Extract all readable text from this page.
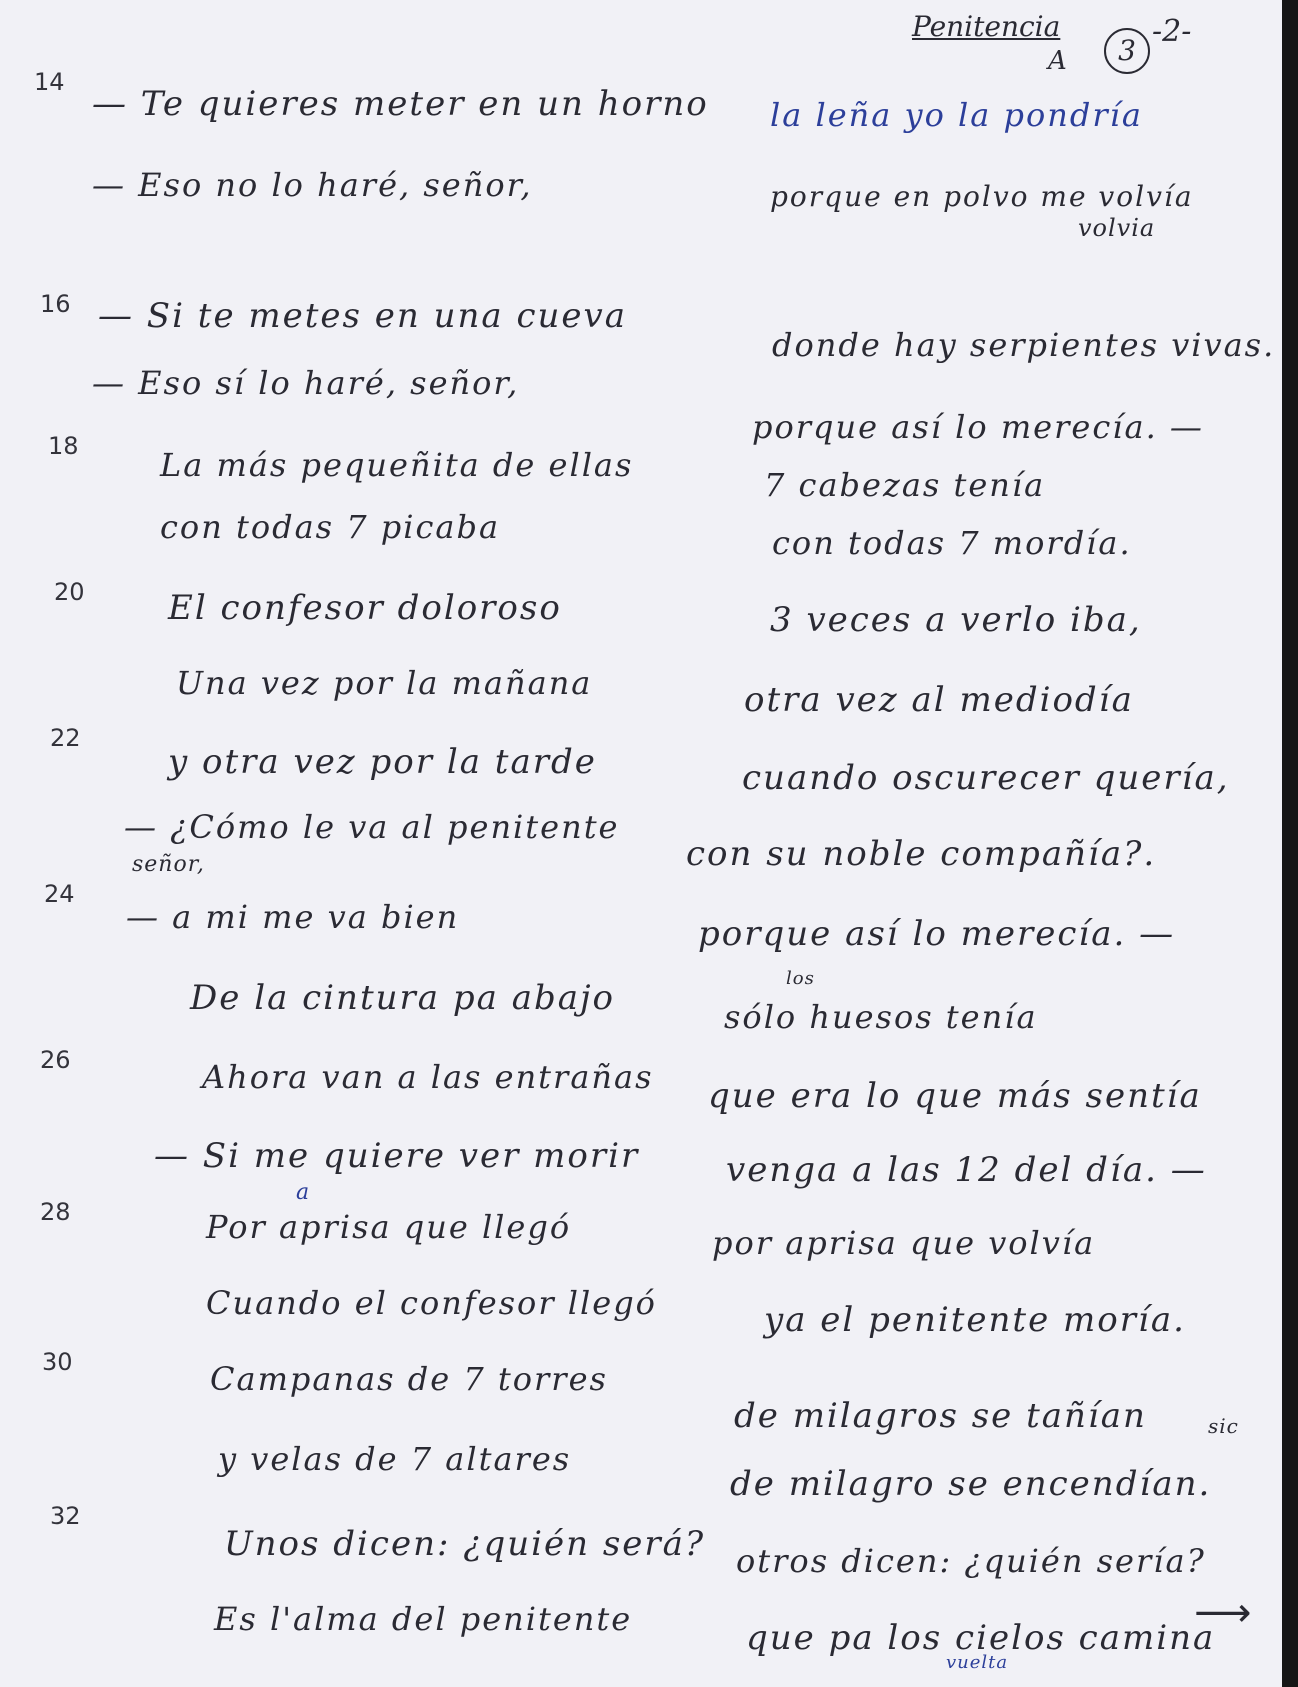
Penitencia
A	3
-2-
14
— Te quieres meter en un horno la leña yo la pondría
— Eso no lo haré, señor,	porque en polvo me volvía
volvia
16 — Si te metes en una cueva
donde hay serpientes vivas.
— Eso sí lo haré, señor,
porque así lo merecía. —
18	La más pequeñita de ellas
7 cabezas tenía
con todas 7 picaba	con todas 7 mordía.
20 El confesor doloroso	3 veces a verlo iba,
Una vez por la mañana	otra vez al mediodía
22
y otra vez por la tarde	cuando oscurecer quería,
— ¿Cómo le va al penitente
señor,	con su noble compañía?.
24
— a mi me va bien	porque así lo merecía. —
De la cintura pa abajo	sólo huesos tenía
los
26	Ahora van a las entrañas que era lo que más sentía
— Si me quiere ver morir	venga a las 12 del día. —
28	Por aprisa que llegó
a
por aprisa que volvía
Cuando el confesor llegó	ya el penitente moría.
30	Campanas de 7 torres
de milagros se tañían	sic
y velas de 7 altares
de milagro se encendían.
32
Unos dicen: ¿quién será? otros dicen: ¿quién sería?
Es l'alma del penitente	que pa los cielos camina
vuelta
⟶
